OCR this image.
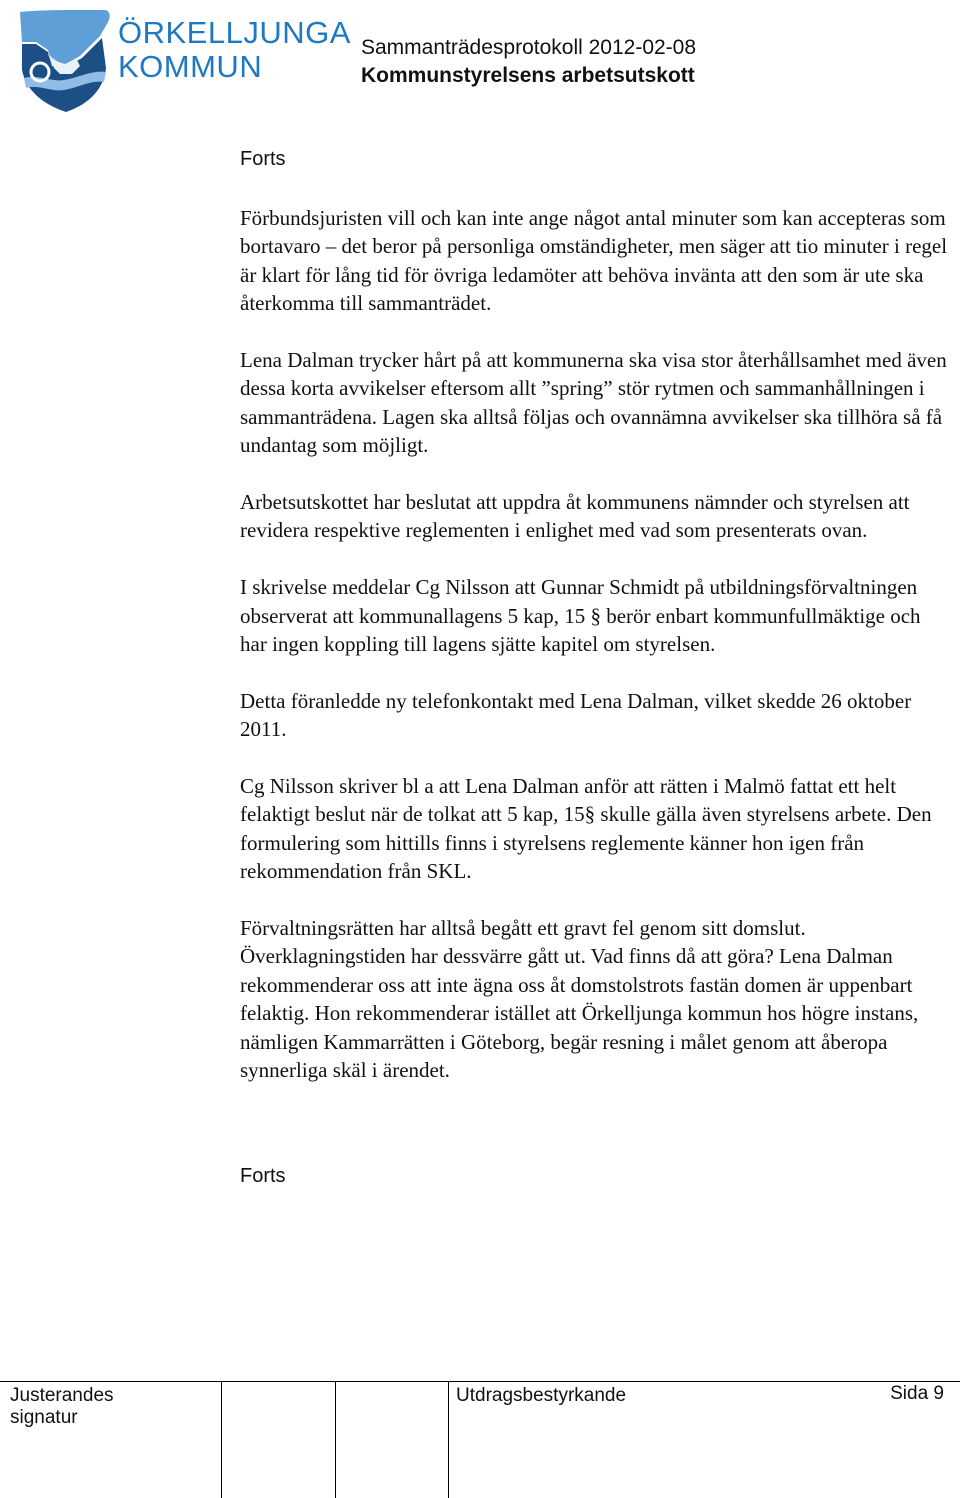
ÖRKELLJUNGA
KOMMUN
Sammanträdesprotokoll 2012-02-08
Kommunstyrelsens arbetsutskott
Forts

Förbundsjuristen vill och kan inte ange något antal minuter som kan accepteras som bortavaro – det beror på personliga omständigheter, men säger att tio minuter i regel är klart för lång tid för övriga ledamöter att behöva invänta att den som är ute ska återkomma till sammanträdet.

Lena Dalman trycker hårt på att kommunerna ska visa stor återhållsamhet med även dessa korta avvikelser eftersom allt ”spring” stör rytmen och sammanhållningen i sammanträdena. Lagen ska alltså följas och ovannämna avvikelser ska tillhöra så få undantag som möjligt.

Arbetsutskottet har beslutat att uppdra åt kommunens nämnder och styrelsen att revidera respektive reglementen i enlighet med vad som presenterats ovan.

I skrivelse meddelar Cg Nilsson att Gunnar Schmidt på utbildningsförvaltningen observerat att kommunallagens 5 kap, 15 § berör enbart kommunfullmäktige och har ingen koppling till lagens sjätte kapitel om styrelsen.

Detta föranledde ny telefonkontakt med Lena Dalman, vilket skedde 26 oktober 2011.

Cg Nilsson skriver bl a att Lena Dalman anför att rätten i Malmö fattat ett helt felaktigt beslut när de tolkat att 5 kap, 15§ skulle gälla även styrelsens arbete. Den formulering som hittills finns i styrelsens reglemente känner hon igen från rekommendation från SKL.

Förvaltningsrätten har alltså begått ett gravt fel genom sitt domslut. Överklagningstiden har dessvärre gått ut. Vad finns då att göra? Lena Dalman rekommenderar oss att inte ägna oss åt domstolstrots fastän domen är uppenbart felaktig. Hon rekommenderar istället att Örkelljunga kommun hos högre instans, nämligen Kammarrätten i Göteborg, begär resning i målet genom att åberopa synnerliga skäl i ärendet.

Forts
Justerandes
signatur
Utdragsbestyrkande	Sida 9
